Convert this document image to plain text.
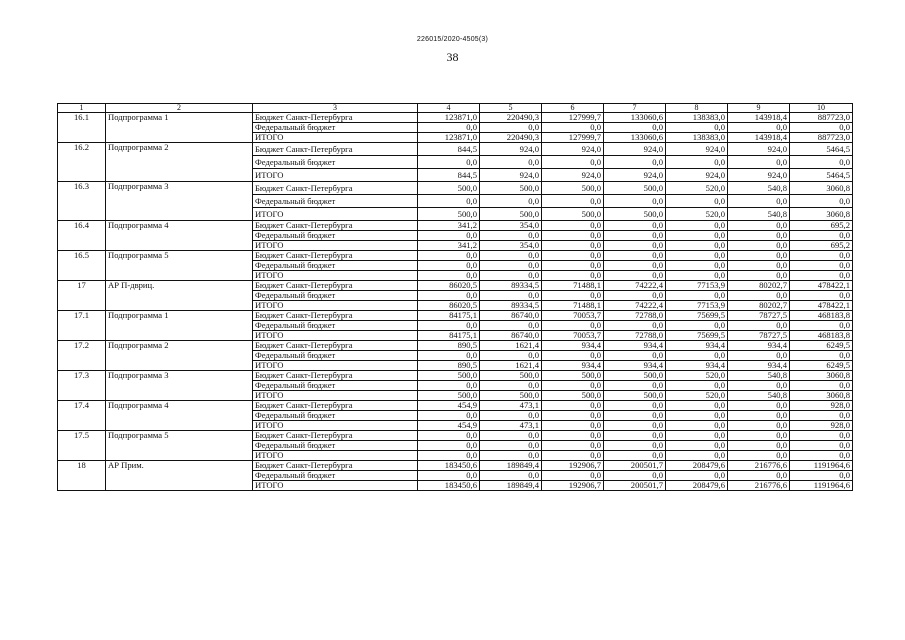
226015/2020-4505(3)
38
1	2	3	4	5	6	7	8	9	10
16.1	Подпрограмма 1	Бюджет Санкт-Петербурга	123871,0	220490,3	127999,7	133060,6	138383,0	143918,4	887723,0
		Федеральный бюджет	0,0	0,0	0,0	0,0	0,0	0,0	0,0
		ИТОГО	123871,0	220490,3	127999,7	133060,6	138383,0	143918,4	887723,0
16.2	Подпрограмма 2	Бюджет Санкт-Петербурга	844,5	924,0	924,0	924,0	924,0	924,0	5464,5
		Федеральный бюджет	0,0	0,0	0,0	0,0	0,0	0,0	0,0
		ИТОГО	844,5	924,0	924,0	924,0	924,0	924,0	5464,5
16.3	Подпрограмма 3	Бюджет Санкт-Петербурга	500,0	500,0	500,0	500,0	520,0	540,8	3060,8
		Федеральный бюджет	0,0	0,0	0,0	0,0	0,0	0,0	0,0
		ИТОГО	500,0	500,0	500,0	500,0	520,0	540,8	3060,8
16.4	Подпрограмма 4	Бюджет Санкт-Петербурга	341,2	354,0	0,0	0,0	0,0	0,0	695,2
		Федеральный бюджет	0,0	0,0	0,0	0,0	0,0	0,0	0,0
		ИТОГО	341,2	354,0	0,0	0,0	0,0	0,0	695,2
16.5	Подпрограмма 5	Бюджет Санкт-Петербурга	0,0	0,0	0,0	0,0	0,0	0,0	0,0
		Федеральный бюджет	0,0	0,0	0,0	0,0	0,0	0,0	0,0
		ИТОГО	0,0	0,0	0,0	0,0	0,0	0,0	0,0
17	АР П-двриц.	Бюджет Санкт-Петербурга	86020,5	89334,5	71488,1	74222,4	77153,9	80202,7	478422,1
		Федеральный бюджет	0,0	0,0	0,0	0,0	0,0	0,0	0,0
		ИТОГО	86020,5	89334,5	71488,1	74222,4	77153,9	80202,7	478422,1
17.1	Подпрограмма 1	Бюджет Санкт-Петербурга	84175,1	86740,0	70053,7	72788,0	75699,5	78727,5	468183,8
		Федеральный бюджет	0,0	0,0	0,0	0,0	0,0	0,0	0,0
		ИТОГО	84175,1	86740,0	70053,7	72788,0	75699,5	78727,5	468183,8
17.2	Подпрограмма 2	Бюджет Санкт-Петербурга	890,5	1621,4	934,4	934,4	934,4	934,4	6249,5
		Федеральный бюджет	0,0	0,0	0,0	0,0	0,0	0,0	0,0
		ИТОГО	890,5	1621,4	934,4	934,4	934,4	934,4	6249,5
17.3	Подпрограмма 3	Бюджет Санкт-Петербурга	500,0	500,0	500,0	500,0	520,0	540,8	3060,8
		Федеральный бюджет	0,0	0,0	0,0	0,0	0,0	0,0	0,0
		ИТОГО	500,0	500,0	500,0	500,0	520,0	540,8	3060,8
17.4	Подпрограмма 4	Бюджет Санкт-Петербурга	454,9	473,1	0,0	0,0	0,0	0,0	928,0
		Федеральный бюджет	0,0	0,0	0,0	0,0	0,0	0,0	0,0
		ИТОГО	454,9	473,1	0,0	0,0	0,0	0,0	928,0
17.5	Подпрограмма 5	Бюджет Санкт-Петербурга	0,0	0,0	0,0	0,0	0,0	0,0	0,0
		Федеральный бюджет	0,0	0,0	0,0	0,0	0,0	0,0	0,0
		ИТОГО	0,0	0,0	0,0	0,0	0,0	0,0	0,0
18	АР Прим.	Бюджет Санкт-Петербурга	183450,6	189849,4	192906,7	200501,7	208479,6	216776,6	1191964,6
		Федеральный бюджет	0,0	0,0	0,0	0,0	0,0	0,0	0,0
		ИТОГО	183450,6	189849,4	192906,7	200501,7	208479,6	216776,6	1191964,6
